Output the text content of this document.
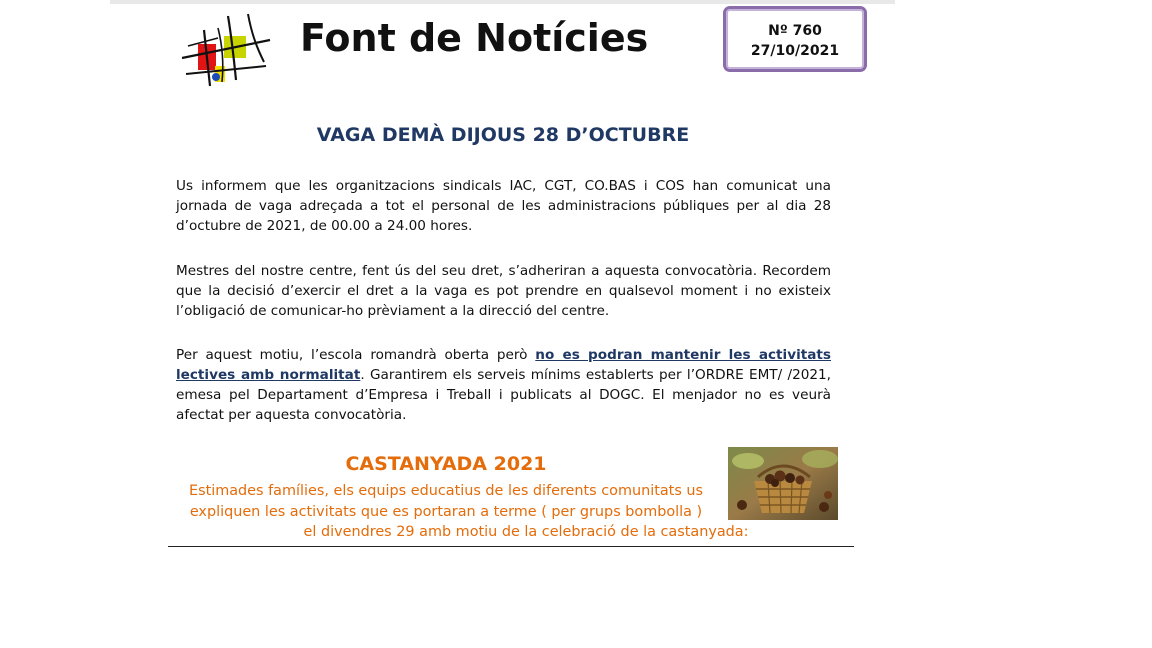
Font de Notícies	Nº 760
27/10/2021
VAGA DEMÀ DIJOUS 28 D’OCTUBRE
Us informem que les organitzacions sindicals IAC, CGT, CO.BAS i COS han comunicat una jornada de vaga adreçada a tot el personal de les administracions públiques per al dia 28 d’octubre de 2021, de 00.00 a 24.00 hores.
Mestres del nostre centre, fent ús del seu dret, s’adheriran a aquesta convocatòria. Recordem que la decisió d’exercir el dret a la vaga es pot prendre en qualsevol moment i no existeix l’obligació de comunicar-ho prèviament a la direcció del centre.
Per aquest motiu, l’escola romandrà oberta però no es podran mantenir les activitats lectives amb normalitat. Garantirem els serveis mínims establerts per l’ORDRE EMT/ /2021, emesa pel Departament d’Empresa i Treball i publicats al DOGC. El menjador no es veurà afectat per aquesta convocatòria.
CASTANYADA 2021
Estimades famílies, els equips educatius de les diferents comunitats us
expliquen les activitats que es portaran a terme ( per grups bombolla )

el divendres 29 amb motiu de la celebració de la castanyada:
